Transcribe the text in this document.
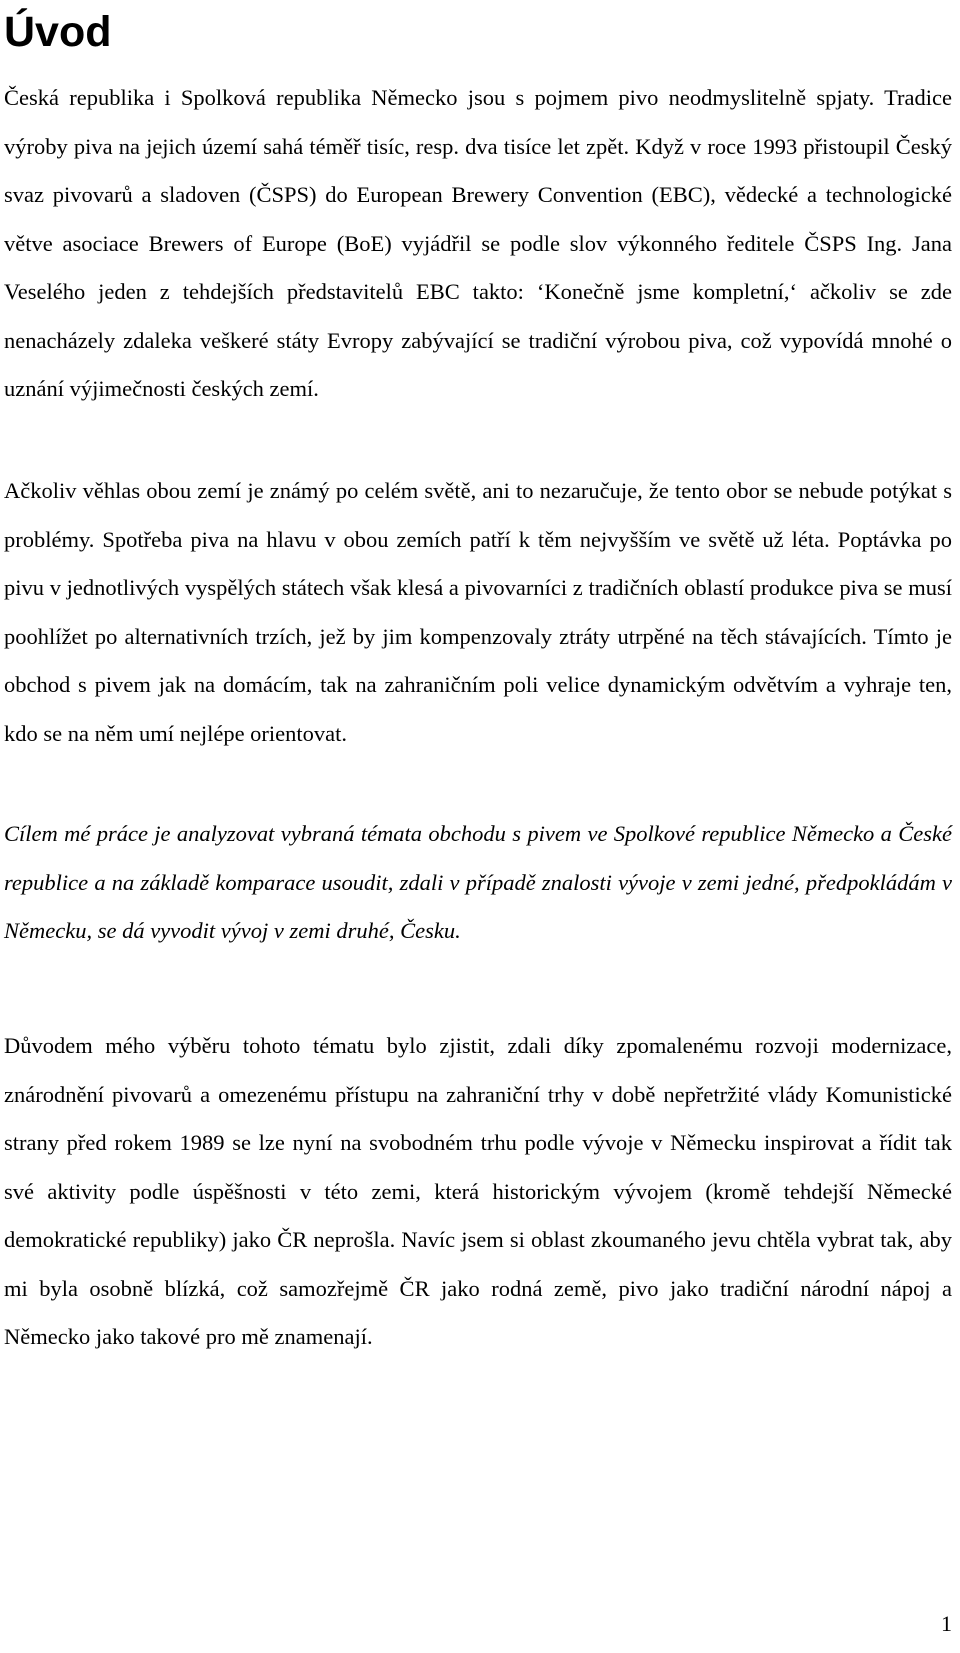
Úvod

Česká republika i Spolková republika Německo jsou s pojmem pivo neodmyslitelně spjaty. Tradice výroby piva na jejich území sahá téměř tisíc, resp. dva tisíce let zpět. Když v roce 1993 přistoupil Český svaz pivovarů a sladoven (ČSPS) do European Brewery Convention (EBC), vědecké a technologické větve asociace Brewers of Europe (BoE) vyjádřil se podle slov výkonného ředitele ČSPS Ing. Jana Veselého jeden z tehdejších představitelů EBC takto: ‘Konečně jsme kompletní,‘ ačkoliv se zde nenacházely zdaleka veškeré státy Evropy zabývající se tradiční výrobou piva, což vypovídá mnohé o uznání výjimečnosti českých zemí.

Ačkoliv věhlas obou zemí je známý po celém světě, ani to nezaručuje, že tento obor se nebude potýkat s problémy. Spotřeba piva na hlavu v obou zemích patří k těm nejvyšším ve světě už léta. Poptávka po pivu v jednotlivých vyspělých státech však klesá a pivovarníci z tradičních oblastí produkce piva se musí poohlížet po alternativních trzích, jež by jim kompenzovaly ztráty utrpěné na těch stávajících. Tímto je obchod s pivem jak na domácím, tak na zahraničním poli velice dynamickým odvětvím a vyhraje ten, kdo se na něm umí nejlépe orientovat.

Cílem mé práce je analyzovat vybraná témata obchodu s pivem ve Spolkové republice Německo a České republice a na základě komparace usoudit, zdali v případě znalosti vývoje v zemi jedné, předpokládám v Německu, se dá vyvodit vývoj v zemi druhé, Česku.

Důvodem mého výběru tohoto tématu bylo zjistit, zdali díky zpomalenému rozvoji modernizace, znárodnění pivovarů a omezenému přístupu na zahraniční trhy v době nepřetržité vlády Komunistické strany před rokem 1989 se lze nyní na svobodném trhu podle vývoje v Německu inspirovat a řídit tak své aktivity podle úspěšnosti v této zemi, která historickým vývojem (kromě tehdejší Německé demokratické republiky) jako ČR neprošla. Navíc jsem si oblast zkoumaného jevu chtěla vybrat tak, aby mi byla osobně blízká, což samozřejmě ČR jako rodná země, pivo jako tradiční národní nápoj a Německo jako takové pro mě znamenají.

1
